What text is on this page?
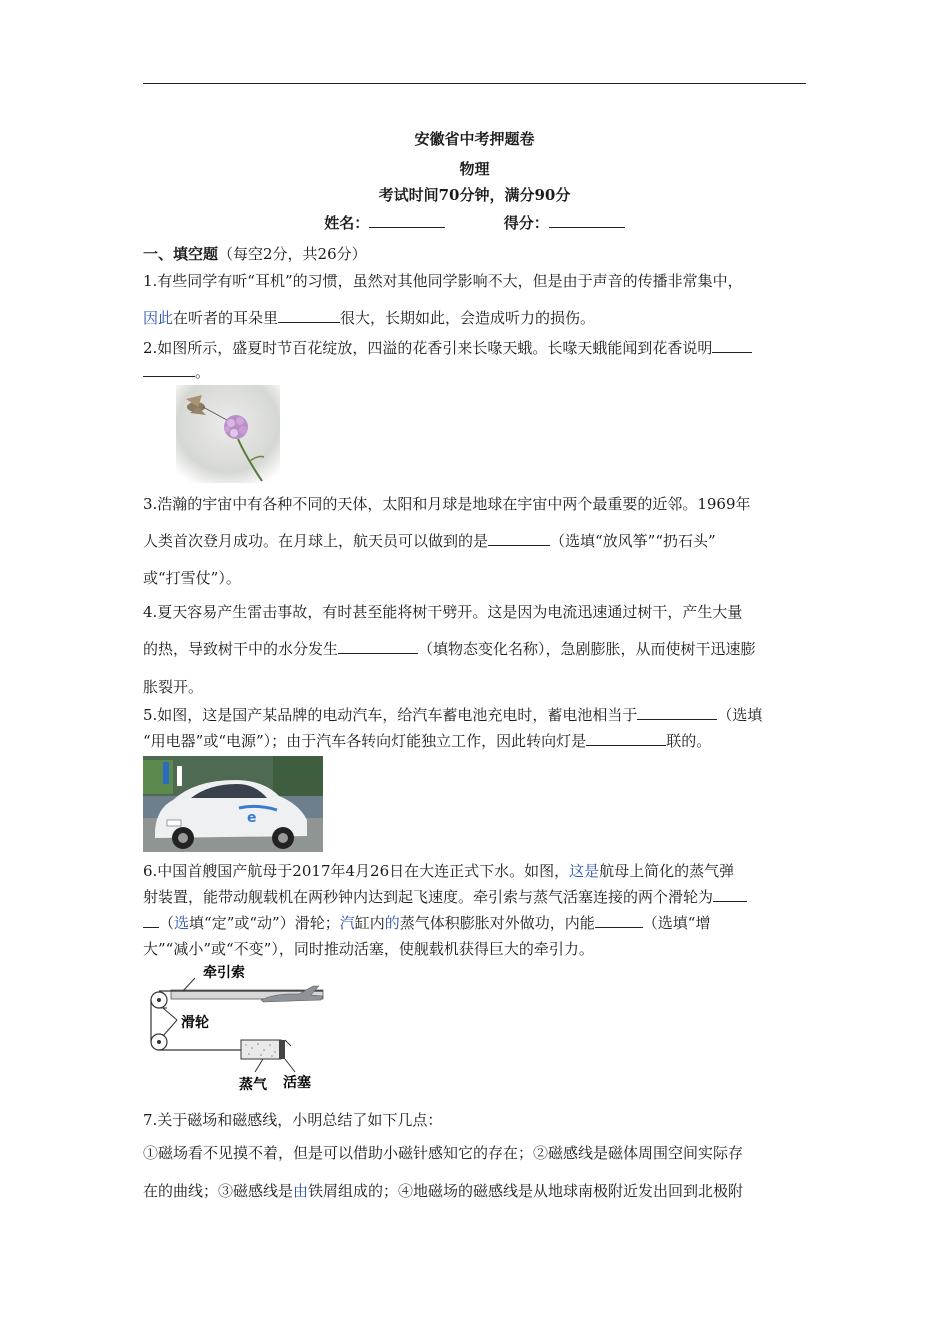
安徽省中考押题卷
物理
考试时间70分钟，满分90分
姓名：	得分：
一、填空题（每空2分，共26分）
1.有些同学有听“耳机”的习惯，虽然对其他同学影响不大，但是由于声音的传播非常集中，
因此在听者的耳朵里	很大，长期如此，会造成听力的损伤。
2.如图所示，盛夏时节百花绽放，四溢的花香引来长喙天蛾。长喙天蛾能闻到花香说明
。
3.浩瀚的宇宙中有各种不同的天体，太阳和月球是地球在宇宙中两个最重要的近邻。1969年
人类首次登月成功。在月球上，航天员可以做到的是	（选填“放风筝”“扔石头”
或“打雪仗”）。
4.夏天容易产生雷击事故，有时甚至能将树干劈开。这是因为电流迅速通过树干，产生大量
的热，导致树干中的水分发生	（填物态变化名称），急剧膨胀，从而使树干迅速膨
胀裂开。
5.如图，这是国产某品牌的电动汽车，给汽车蓄电池充电时，蓄电池相当于	（选填
“用电器”或“电源”）；由于汽车各转向灯能独立工作，因此转向灯是	联的。
e
6.中国首艘国产航母于2017年4月26日在大连正式下水。如图，这是航母上简化的蒸气弹
射装置，能带动舰载机在两秒钟内达到起飞速度。牵引索与蒸气活塞连接的两个滑轮为
（选填“定”或“动”）滑轮；汽缸内的蒸气体积膨胀对外做功，内能	（选填“增
大”“减小”或“不变”），同时推动活塞，使舰载机获得巨大的牵引力。
牵引索
滑轮
蒸气 活塞
7.关于磁场和磁感线，小明总结了如下几点：
①磁场看不见摸不着，但是可以借助小磁针感知它的存在；②磁感线是磁体周围空间实际存
在的曲线；③磁感线是由铁屑组成的；④地磁场的磁感线是从地球南极附近发出回到北极附
